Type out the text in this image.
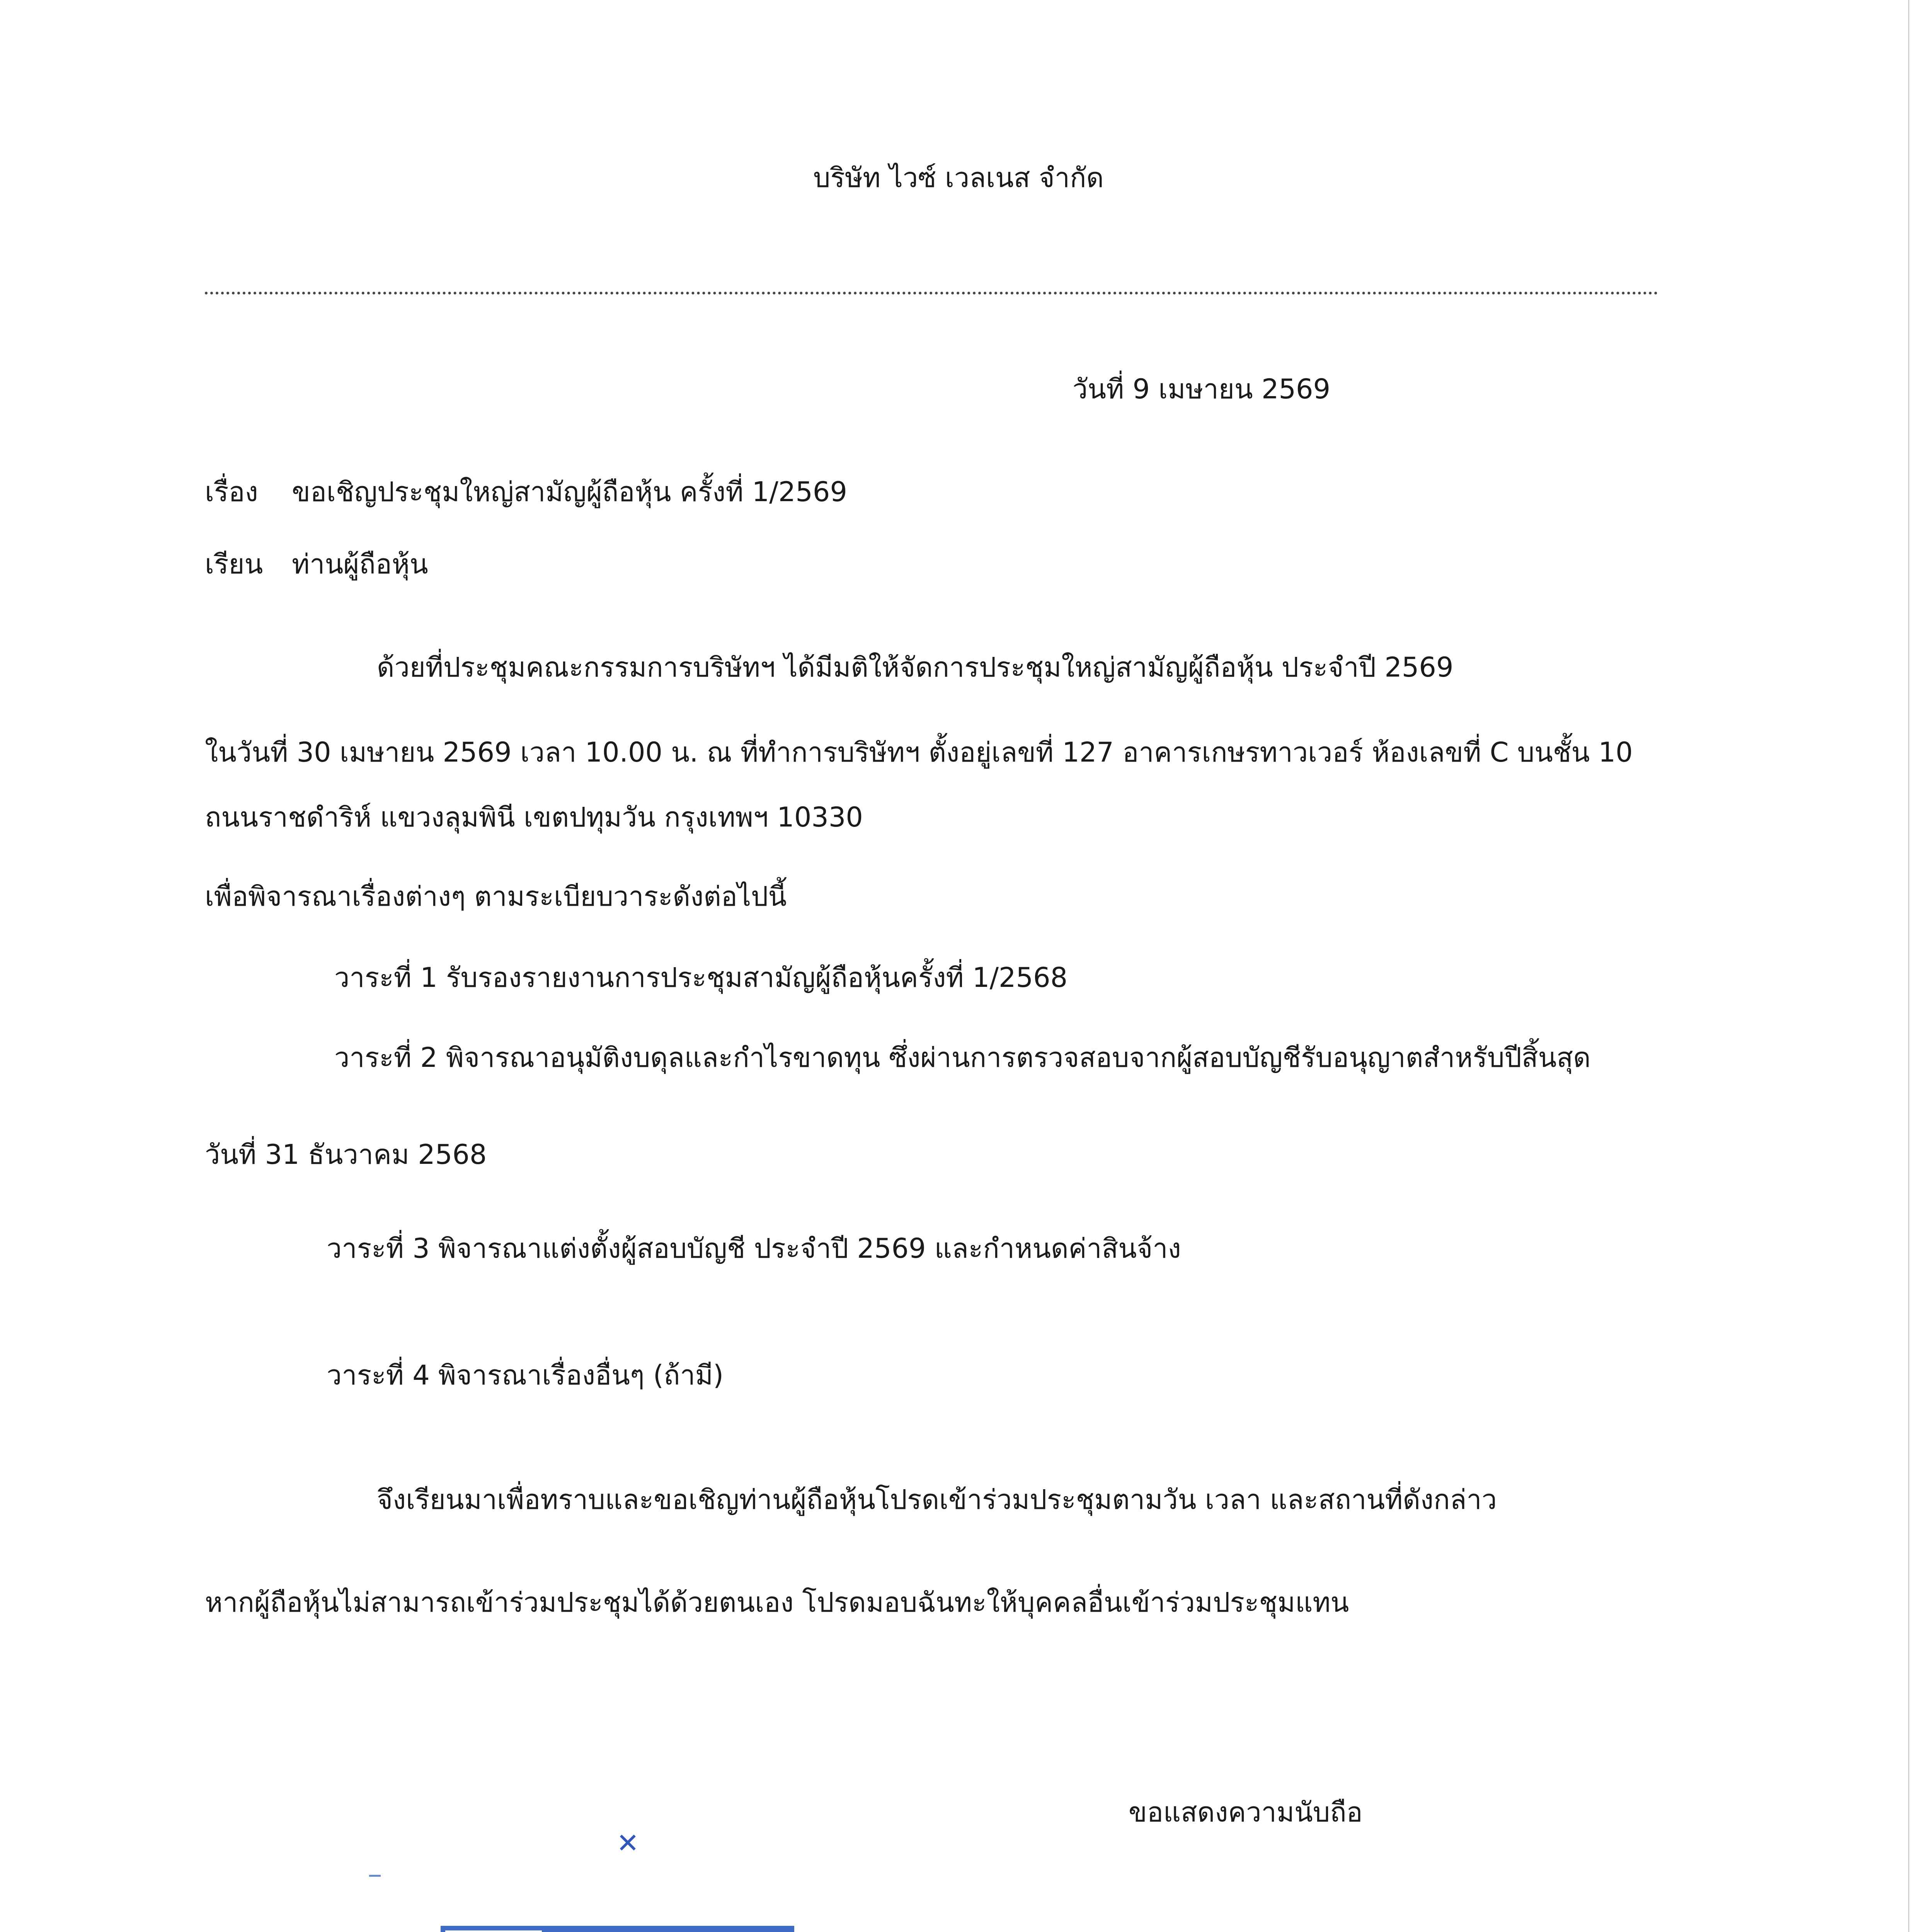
บริษัท ไวซ์ เวลเนส จำกัด
วันที่ 9 เมษายน 2569
เรื่อง ขอเชิญประชุมใหญ่สามัญผู้ถือหุ้น ครั้งที่ 1/2569
เรียน ท่านผู้ถือหุ้น
ด้วยที่ประชุมคณะกรรมการบริษัทฯ ได้มีมติให้จัดการประชุมใหญ่สามัญผู้ถือหุ้น ประจำปี 2569
ในวันที่ 30 เมษายน 2569 เวลา 10.00 น. ณ ที่ทำการบริษัทฯ ตั้งอยู่เลขที่ 127 อาคารเกษรทาวเวอร์ ห้องเลขที่ C บนชั้น 10
ถนนราชดำริห์ แขวงลุมพินี เขตปทุมวัน กรุงเทพฯ 10330
เพื่อพิจารณาเรื่องต่างๆ ตามระเบียบวาระดังต่อไปนี้
วาระที่ 1 รับรองรายงานการประชุมสามัญผู้ถือหุ้นครั้งที่ 1/2568
วาระที่ 2 พิจารณาอนุมัติงบดุลและกำไรขาดทุน ซึ่งผ่านการตรวจสอบจากผู้สอบบัญชีรับอนุญาตสำหรับปีสิ้นสุด
วันที่ 31 ธันวาคม 2568
วาระที่ 3 พิจารณาแต่งตั้งผู้สอบบัญชี ประจำปี 2569 และกำหนดค่าสินจ้าง
วาระที่ 4 พิจารณาเรื่องอื่นๆ (ถ้ามี)
จึงเรียนมาเพื่อทราบและขอเชิญท่านผู้ถือหุ้นโปรดเข้าร่วมประชุมตามวัน เวลา และสถานที่ดังกล่าว
หากผู้ถือหุ้นไม่สามารถเข้าร่วมประชุมได้ด้วยตนเอง โปรดมอบฉันทะให้บุคคลอื่นเข้าร่วมประชุมแทน
ขอแสดงความนับถือ
✕
